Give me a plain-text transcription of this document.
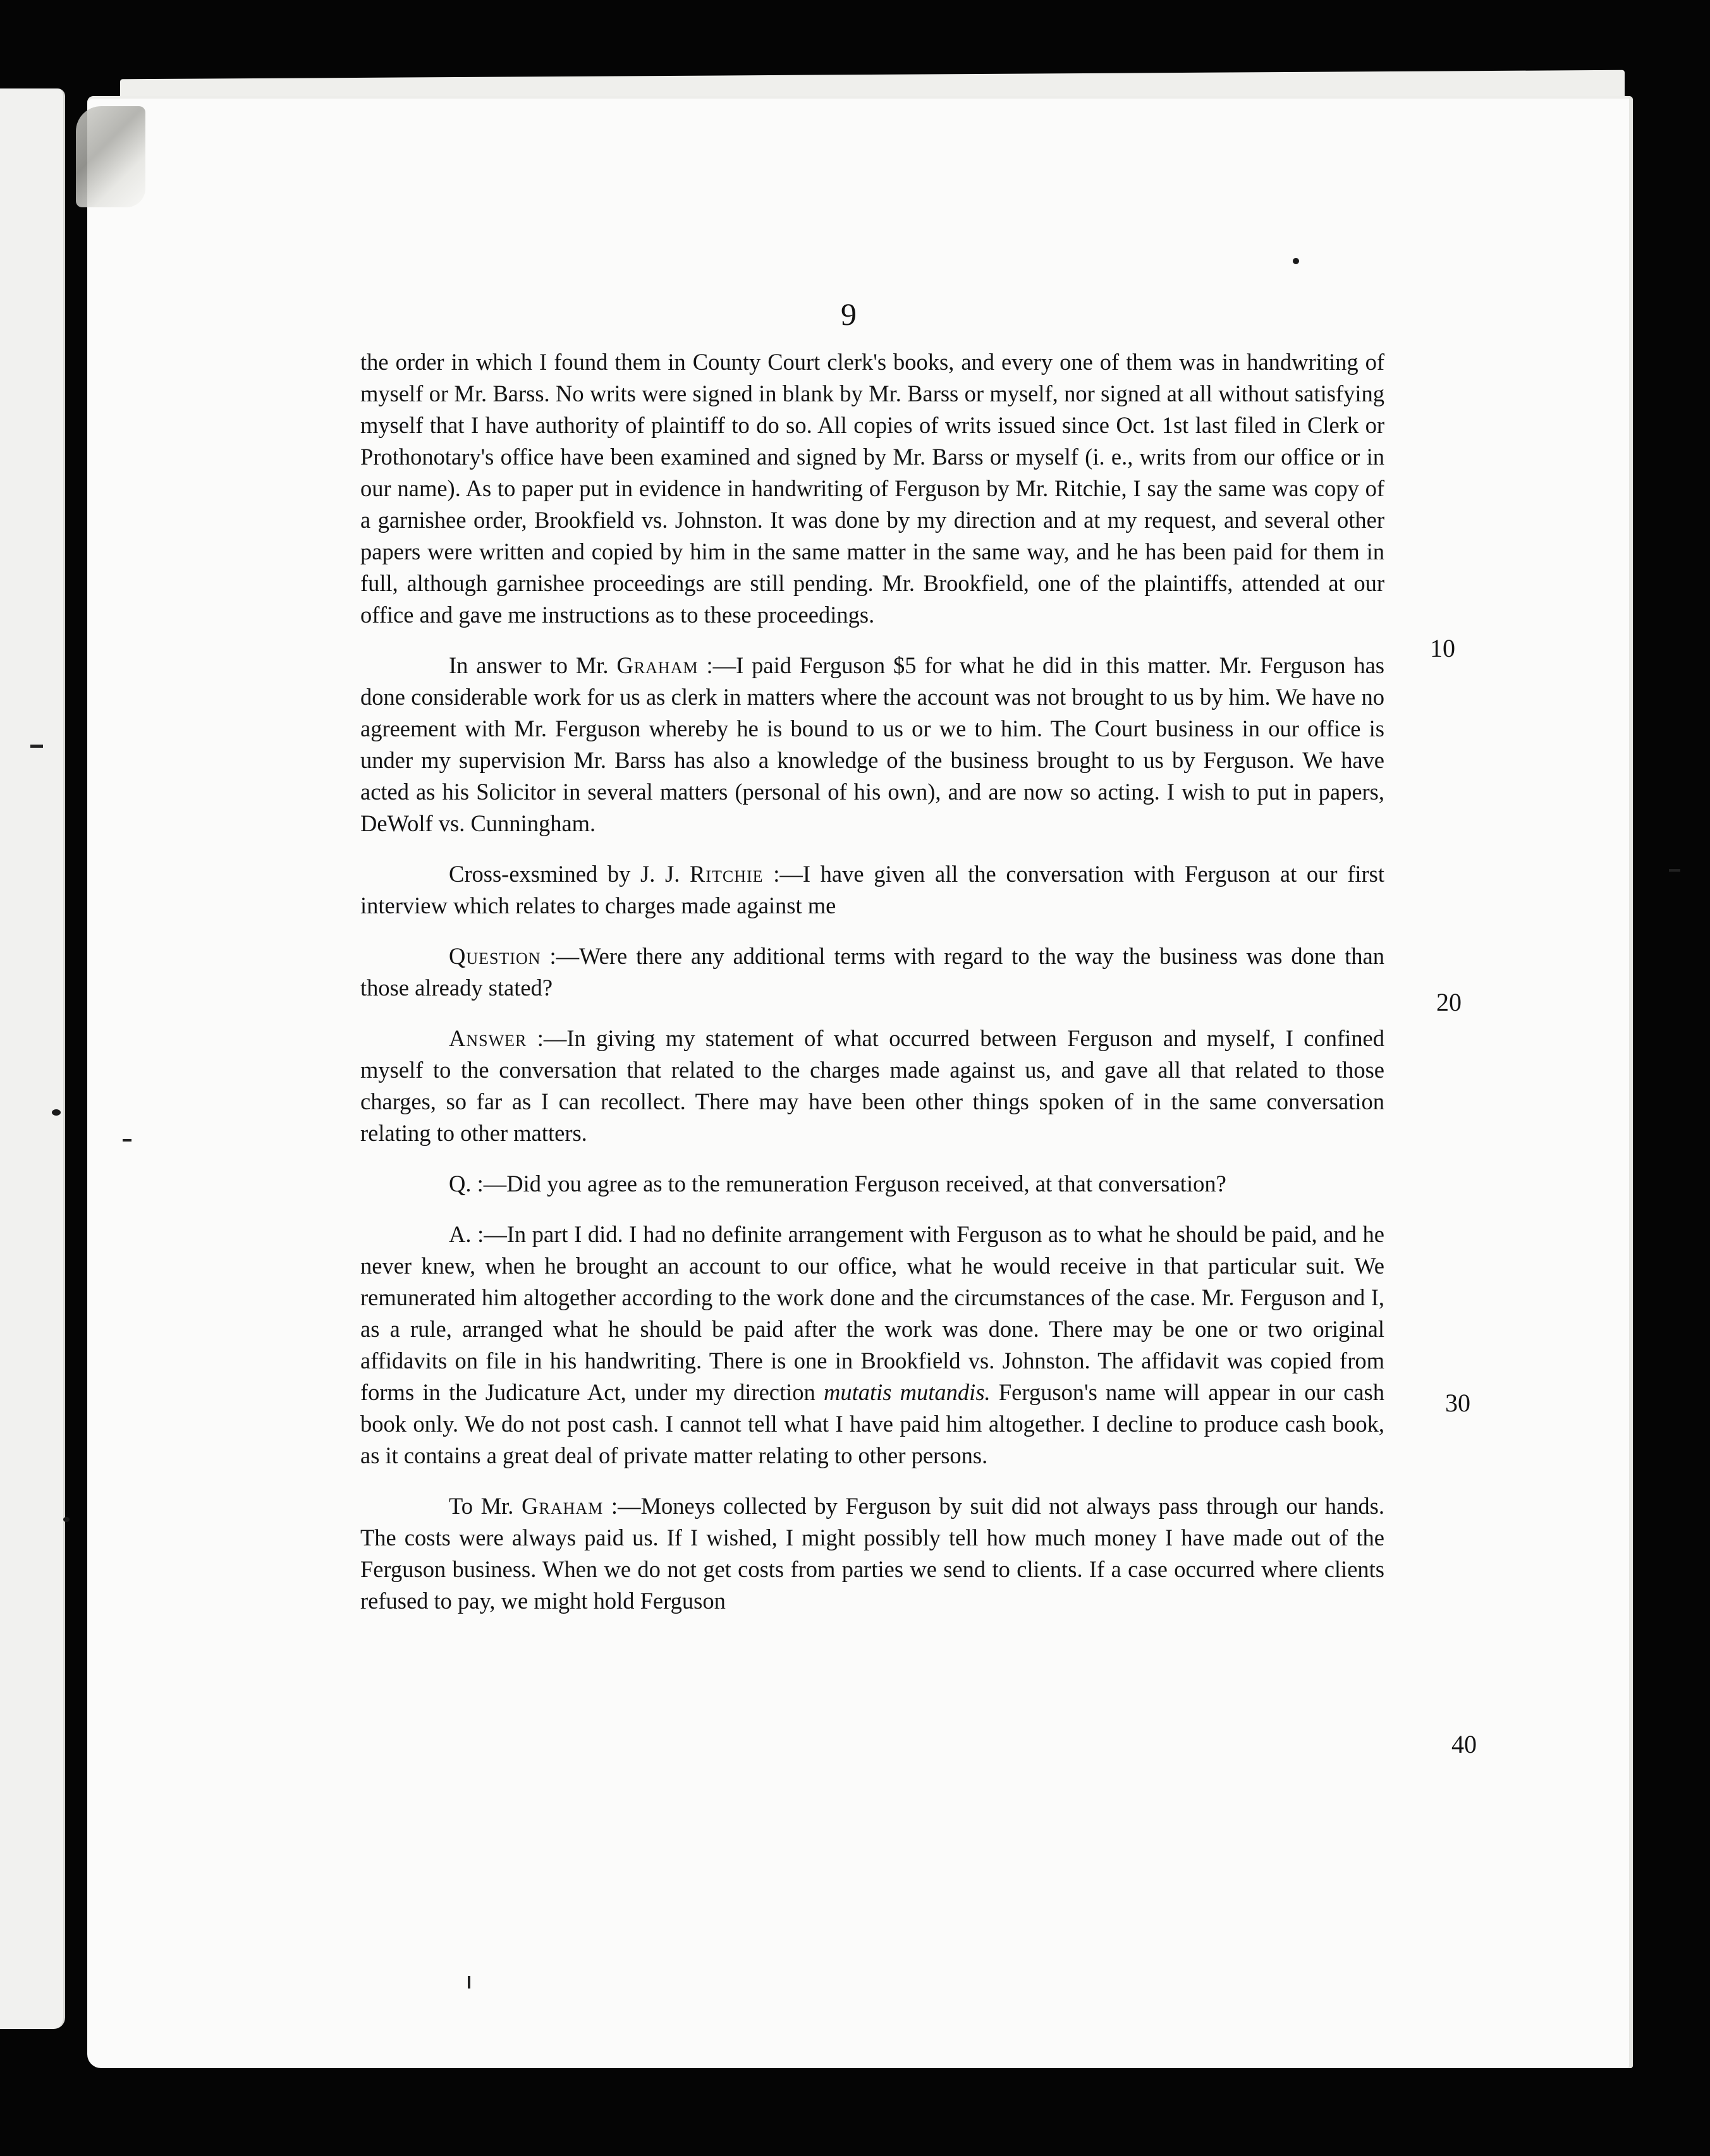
9

the order in which I found them in County Court clerk's books, and every one of them was in handwriting of myself or Mr. Barss. No writs were signed in blank by Mr. Barss or myself, nor signed at all without satisfying myself that I have authority of plaintiff to do so. All copies of writs issued since Oct. 1st last filed in Clerk or Prothonotary's office have been examined and signed by Mr. Barss or myself (i. e., writs from our office or in our name). As to paper put in evidence in handwriting of Ferguson by Mr. Ritchie, I say the same was copy of a garnishee order, Brookfield vs. Johnston. It was done by my direction and at my request, and several other papers were written and copied by him in the same matter in the same way, and he has been paid for them in full, although garnishee proceedings are still pending. Mr. Brookfield, one of the plaintiffs, attended at our office and gave me instructions as to these proceedings.

In answer to Mr. Graham :—I paid Ferguson $5 for what he did in this matter. Mr. Ferguson has done considerable work for us as clerk in matters where the account was not brought to us by him. We have no agreement with Mr. Ferguson whereby he is bound to us or we to him. The Court business in our office is under my supervision Mr. Barss has also a knowledge of the business brought to us by Ferguson. We have acted as his Solicitor in several matters (personal of his own), and are now so acting. I wish to put in papers, DeWolf vs. Cunningham.

Cross-exsmined by J. J. Ritchie :—I have given all the conversation with Ferguson at our first interview which relates to charges made against me

Question :—Were there any additional terms with regard to the way the business was done than those already stated?

Answer :—In giving my statement of what occurred between Ferguson and myself, I confined myself to the conversation that related to the charges made against us, and gave all that related to those charges, so far as I can recollect. There may have been other things spoken of in the same conversation relating to other matters.

Q. :—Did you agree as to the remuneration Ferguson received, at that conversation?

A. :—In part I did. I had no definite arrangement with Ferguson as to what he should be paid, and he never knew, when he brought an account to our office, what he would receive in that particular suit. We remunerated him altogether according to the work done and the circumstances of the case. Mr. Ferguson and I, as a rule, arranged what he should be paid after the work was done. There may be one or two original affidavits on file in his handwriting. There is one in Brookfield vs. Johnston. The affidavit was copied from forms in the Judicature Act, under my direction mutatis mutandis. Ferguson's name will appear in our cash book only. We do not post cash. I cannot tell what I have paid him altogether. I decline to produce cash book, as it contains a great deal of private matter relating to other persons.

To Mr. Graham :—Moneys collected by Ferguson by suit did not always pass through our hands. The costs were always paid us. If I wished, I might possibly tell how much money I have made out of the Ferguson business. When we do not get costs from parties we send to clients. If a case occurred where clients refused to pay, we might hold Ferguson

10
20
30
40
